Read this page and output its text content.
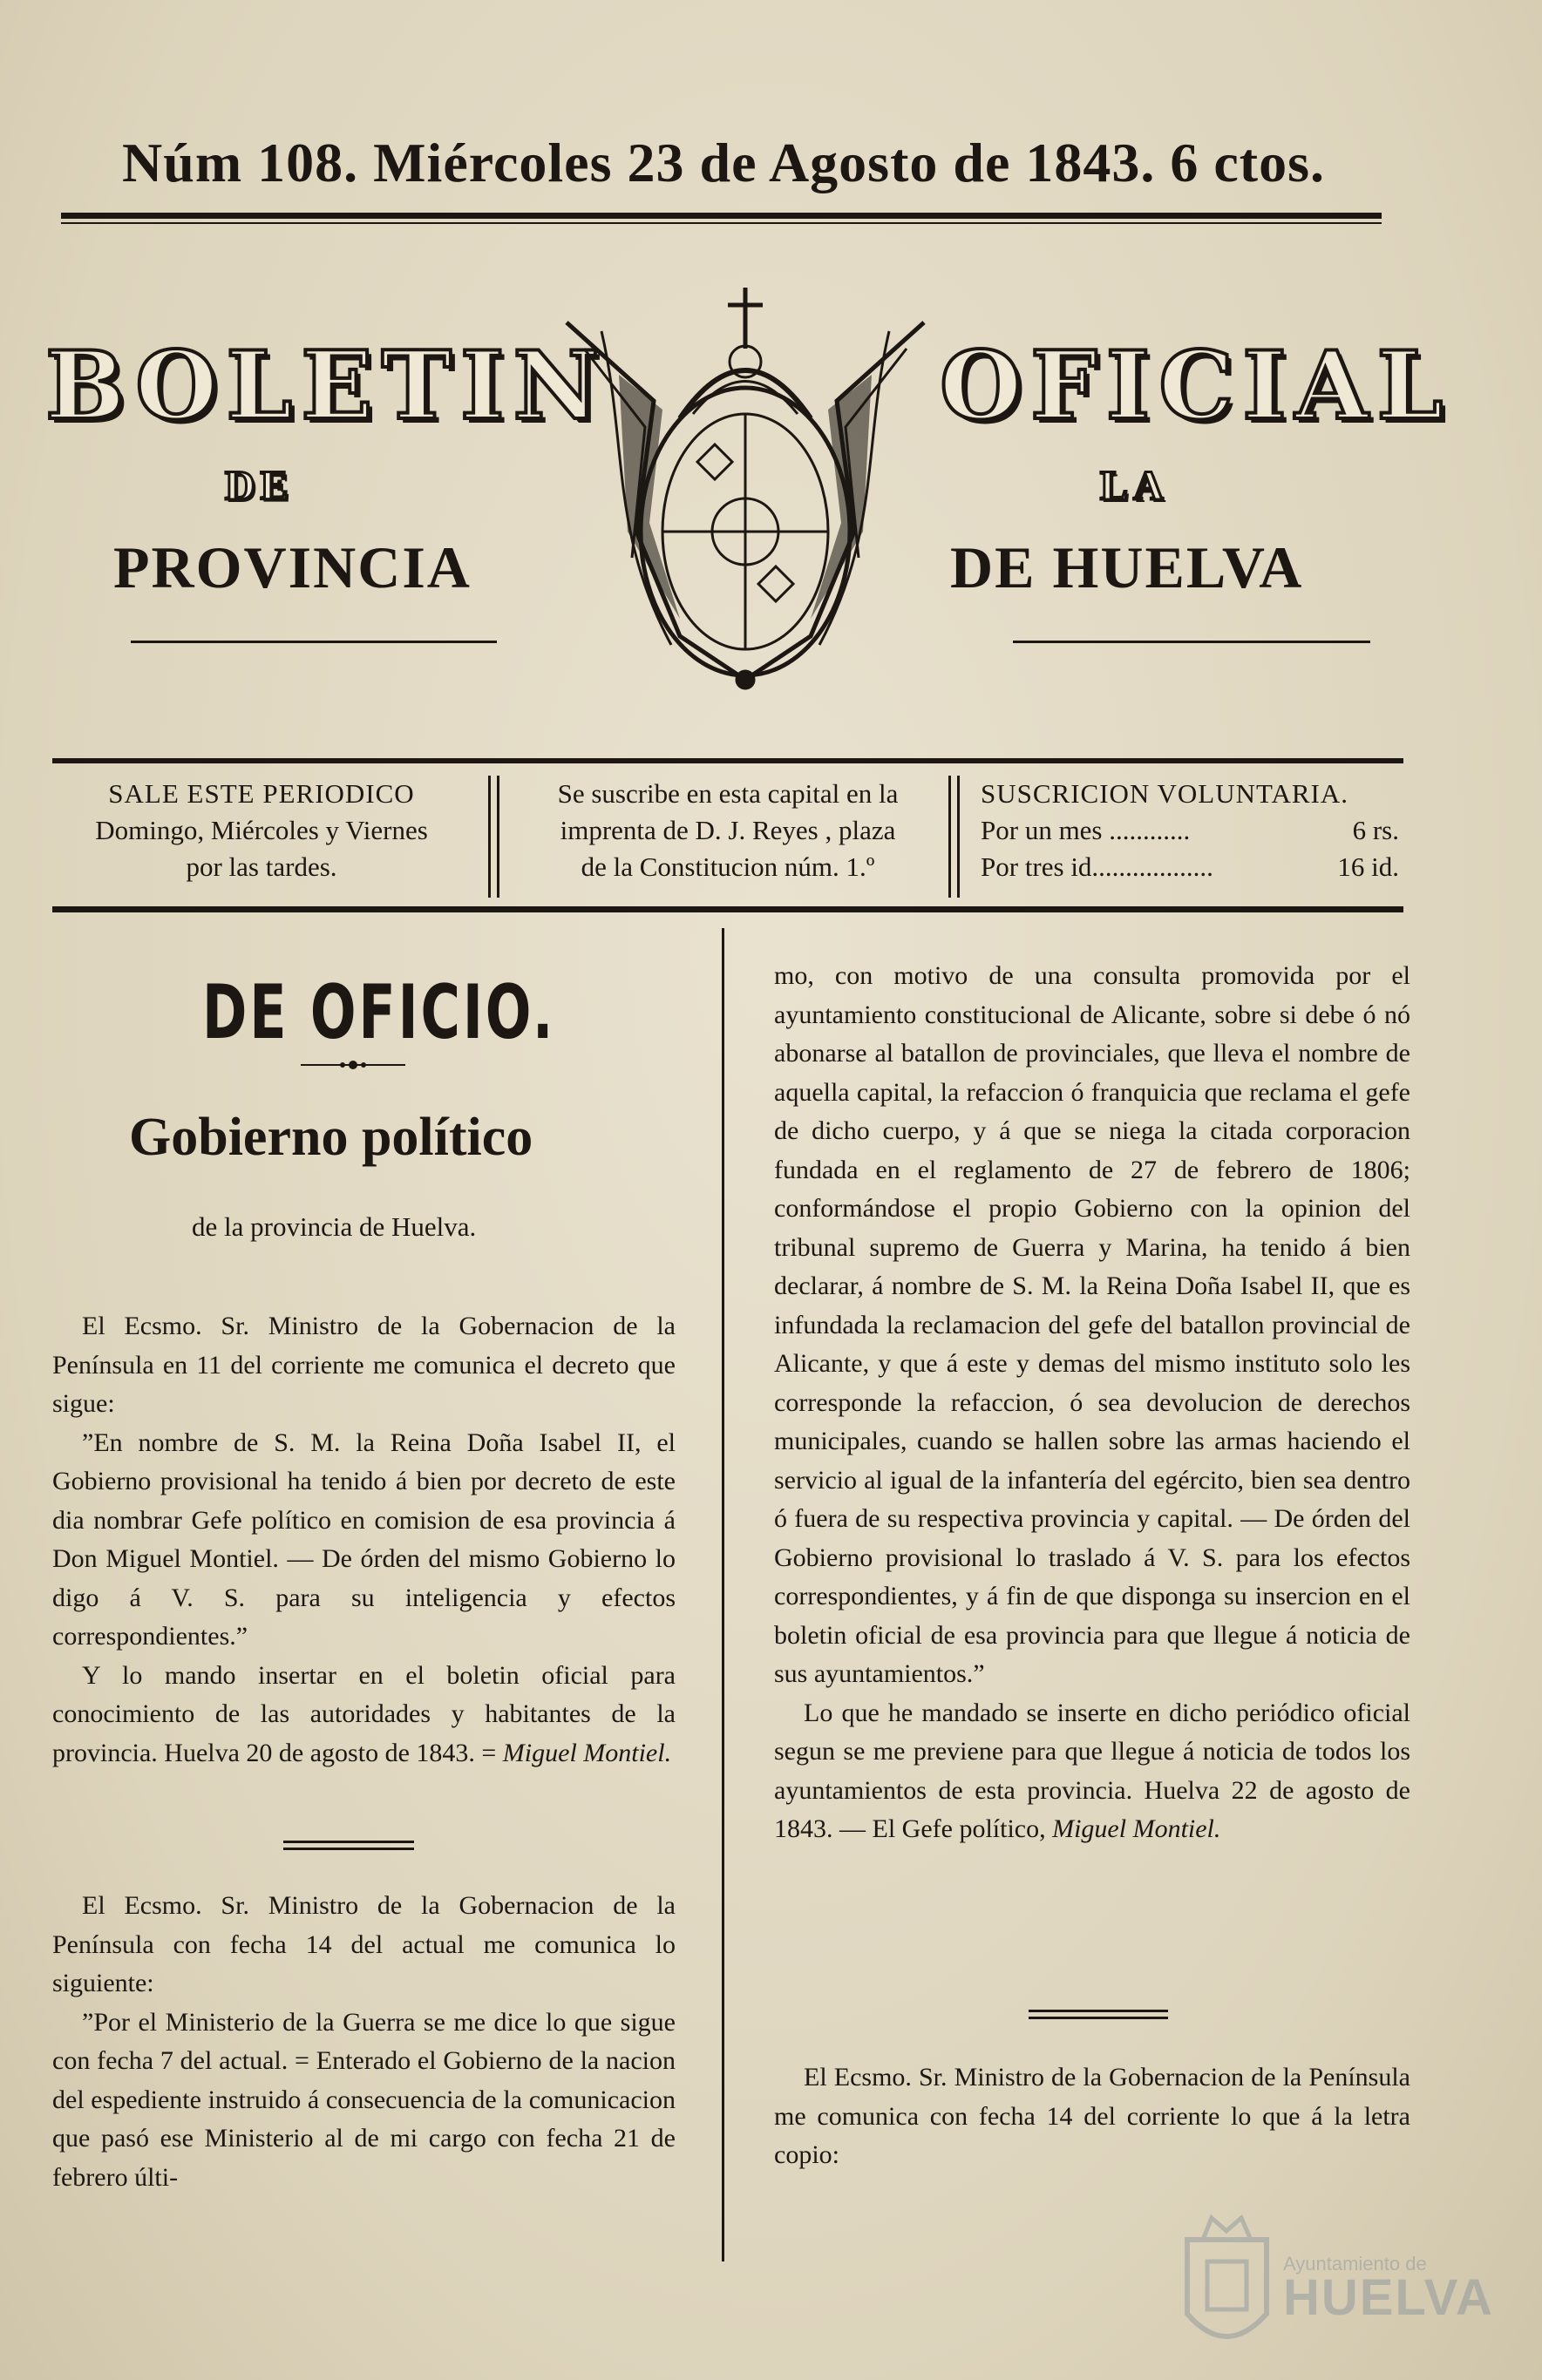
Núm 108. Miércoles 23 de Agosto de 1843. 6 ctos.
BOLETIN	OFICIAL
DE	LA
PROVINCIA	DE HUELVA
SALE ESTE PERIODICO
Domingo, Miércoles y Viernes
por las tardes.
Se suscribe en esta capital en la
imprenta de D. J. Reyes , plaza
de la Constitucion núm. 1.º
SUSCRICION VOLUNTARIA.
Por un mes ............	6 rs.
Por tres id..................	16 id.
DE OFICIO.
Gobierno político
de la provincia de Huelva.

El Ecsmo. Sr. Ministro de la Gobernacion de la Península en 11 del corriente me comunica el decreto que sigue:

”En nombre de S. M. la Reina Doña Isabel II, el Gobierno provisional ha tenido á bien por decreto de este dia nombrar Gefe político en comision de esa provincia á Don Miguel Montiel. — De órden del mismo Gobierno lo digo á V. S. para su inteligencia y efectos correspondientes.”

Y lo mando insertar en el boletin oficial para conocimiento de las autoridades y habitantes de la provincia. Huelva 20 de agosto de 1843. = Miguel Montiel.

El Ecsmo. Sr. Ministro de la Gobernacion de la Península con fecha 14 del actual me comunica lo siguiente:

”Por el Ministerio de la Guerra se me dice lo que sigue con fecha 7 del actual. = Enterado el Gobierno de la nacion del espediente instruido á consecuencia de la comunicacion que pasó ese Ministerio al de mi cargo con fecha 21 de febrero últi-

mo, con motivo de una consulta promovida por el ayuntamiento constitucional de Alicante, sobre si debe ó nó abonarse al batallon de provinciales, que lleva el nombre de aquella capital, la refaccion ó franquicia que reclama el gefe de dicho cuerpo, y á que se niega la citada corporacion fundada en el reglamento de 27 de febrero de 1806; conformándose el propio Gobierno con la opinion del tribunal supremo de Guerra y Marina, ha tenido á bien declarar, á nombre de S. M. la Reina Doña Isabel II, que es infundada la reclamacion del gefe del batallon provincial de Alicante, y que á este y demas del mismo instituto solo les corresponde la refaccion, ó sea devolucion de derechos municipales, cuando se hallen sobre las armas haciendo el servicio al igual de la infantería del egército, bien sea dentro ó fuera de su respectiva provincia y capital. — De órden del Gobierno provisional lo traslado á V. S. para los efectos correspondientes, y á fin de que disponga su insercion en el boletin oficial de esa provincia para que llegue á noticia de sus ayuntamientos.”

Lo que he mandado se inserte en dicho periódico oficial segun se me previene para que llegue á noticia de todos los ayuntamientos de esta provincia. Huelva 22 de agosto de 1843. — El Gefe político, Miguel Montiel.

El Ecsmo. Sr. Ministro de la Gobernacion de la Península me comunica con fecha 14 del corriente lo que á la letra copio:

Ayuntamiento de
HUELVA
